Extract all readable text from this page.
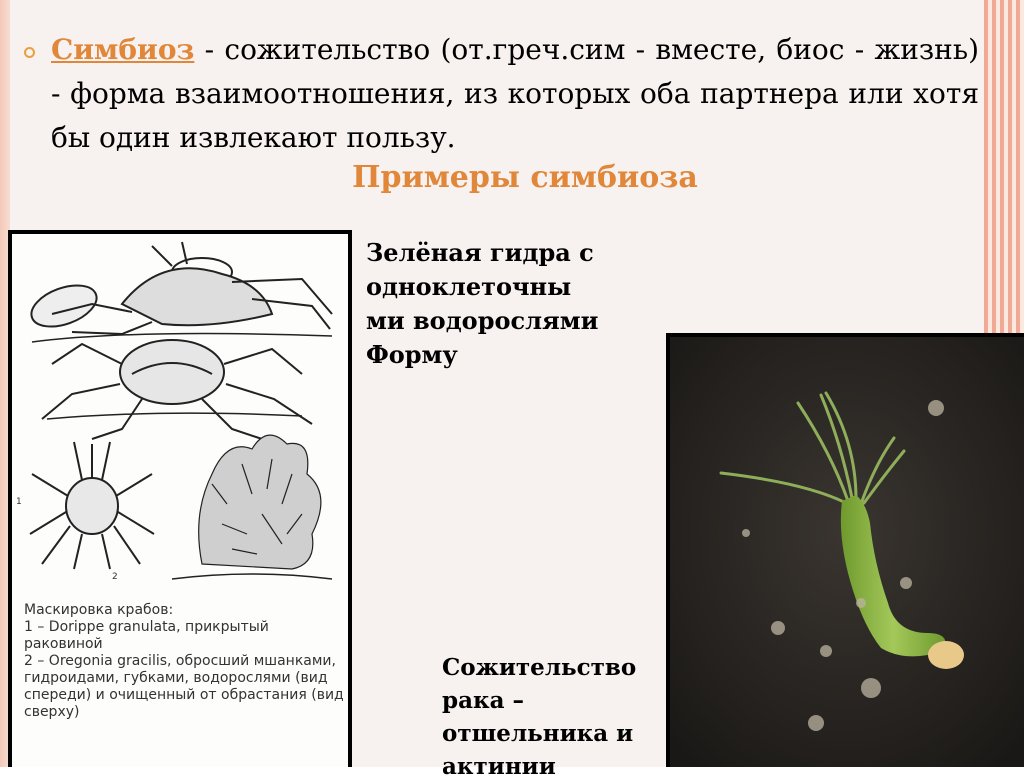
Симбиоз - сожительство (от.греч.сим - вместе, биос - жизнь) - форма взаимоотношения, из которых оба партнера или хотя бы один извлекают пользу.
Примеры симбиоза
2
1
Маскировка крабов:
1 – Dorippe granulata, прикрытый раковиной
2 – Oregonia gracilis, обросший мшанками, гидроидами, губками, водорослями (вид спереди) и очищенный от обрастания (вид сверху)
Зелёная гидра с одноклеточны ми водорослями Форму
Сожительство рака – отшельника и актинии
